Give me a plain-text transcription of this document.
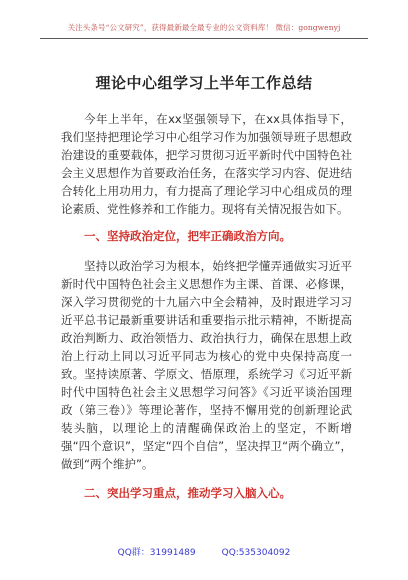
关注头条号“公文研究”，获得最新最全最专业的公文资料库！ 微信：gongwenyj
理论中心组学习上半年工作总结

今年上半年，在xx坚强领导下，在xx具体指导下，我们坚持把理论学习中心组学习作为加强领导班子思想政治建设的重要载体，把学习贯彻习近平新时代中国特色社会主义思想作为首要政治任务，在落实学习内容、促进结合转化上用功用力，有力提高了理论学习中心组成员的理论素质、党性修养和工作能力。现将有关情况报告如下。

一、坚持政治定位，把牢正确政治方向。

坚持以政治学习为根本，始终把学懂弄通做实习近平新时代中国特色社会主义思想作为主课、首课、必修课，深入学习贯彻党的十九届六中全会精神，及时跟进学习习近平总书记最新重要讲话和重要指示批示精神，不断提高政治判断力、政治领悟力、政治执行力，确保在思想上政治上行动上同以习近平同志为核心的党中央保持高度一致。坚持读原著、学原文、悟原理，系统学习《习近平新时代中国特色社会主义思想学习问答》《习近平谈治国理政（第三卷）》等理论著作，坚持不懈用党的创新理论武装头脑，以理论上的清醒确保政治上的坚定，不断增强“四个意识”，坚定“四个自信”，坚决捍卫“两个确立”，做到“两个维护”。

二、突出学习重点，推动学习入脑入心。

QQ群：31991489	QQ:535304092
